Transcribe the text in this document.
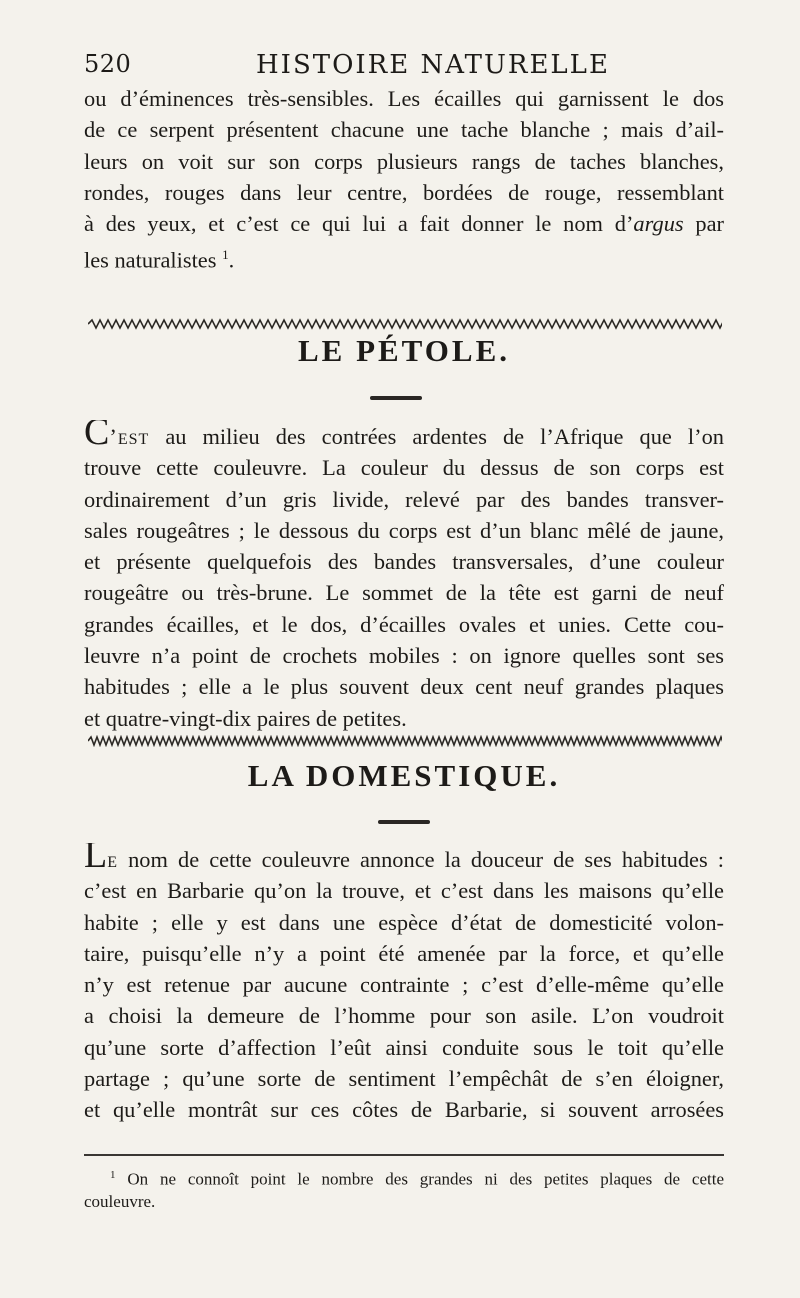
520	HISTOIRE NATURELLE
ou d’éminences très-sensibles. Les écailles qui garnissent le dos
de ce serpent présentent chacune une tache blanche ; mais d’ail-
leurs on voit sur son corps plusieurs rangs de taches blanches,
rondes, rouges dans leur centre, bordées de rouge, ressemblant
à des yeux, et c’est ce qui lui a fait donner le nom d’argus par
les naturalistes $^1$.
LE PÉTOLE.
C’est au milieu des contrées ardentes de l’Afrique que l’on
trouve cette couleuvre. La couleur du dessus de son corps est
ordinairement d’un gris livide, relevé par des bandes transver-
sales rougeâtres ; le dessous du corps est d’un blanc mêlé de jaune,
et présente quelquefois des bandes transversales, d’une couleur
rougeâtre ou très-brune. Le sommet de la tête est garni de neuf
grandes écailles, et le dos, d’écailles ovales et unies. Cette cou-
leuvre n’a point de crochets mobiles : on ignore quelles sont ses
habitudes ; elle a le plus souvent deux cent neuf grandes plaques
et quatre-vingt-dix paires de petites.
LA DOMESTIQUE.
Le nom de cette couleuvre annonce la douceur de ses habitudes :
c’est en Barbarie qu’on la trouve, et c’est dans les maisons qu’elle
habite ; elle y est dans une espèce d’état de domesticité volon-
taire, puisqu’elle n’y a point été amenée par la force, et qu’elle
n’y est retenue par aucune contrainte ; c’est d’elle-même qu’elle
a choisi la demeure de l’homme pour son asile. L’on voudroit
qu’une sorte d’affection l’eût ainsi conduite sous le toit qu’elle
partage ; qu’une sorte de sentiment l’empêchât de s’en éloigner,
et qu’elle montrât sur ces côtes de Barbarie, si souvent arrosées
$^1$ On ne connoît point le nombre des grandes ni des petites plaques de cette
couleuvre.
